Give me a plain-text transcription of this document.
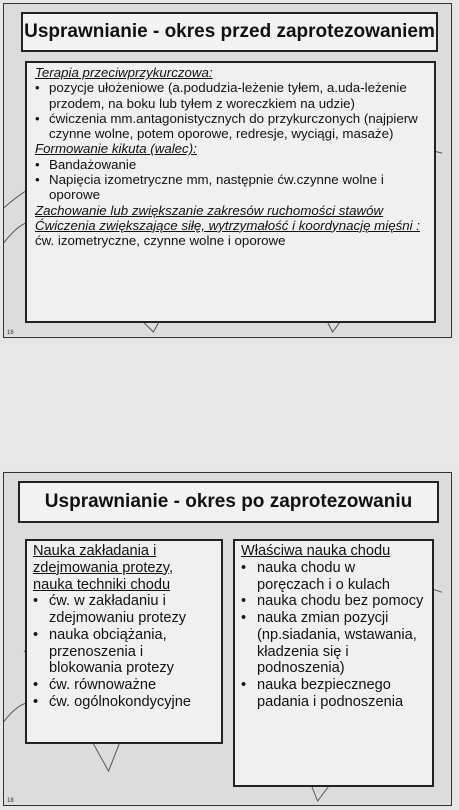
Usprawnianie - okres przed zaprotezowaniem
Terapia przeciwprzykurczowa:
• pozycje ułożeniowe (a.podudzia-leżenie tyłem, a.uda-leżenie przodem, na boku lub tyłem z woreczkiem na udzie)
• ćwiczenia mm.antagonistycznych do przykurczonych (najpierw czynne wolne, potem oporowe, redresje, wyciągi, masaże)
Formowanie kikuta (walec):
• Bandażowanie
• Napięcia izometryczne mm, następnie ćw.czynne wolne i oporowe
Zachowanie lub zwiększanie zakresów ruchomości stawów
Ćwiczenia zwiększające siłę, wytrzymałość i koordynację mięśni : ćw. izometryczne, czynne wolne i oporowe
16
Usprawnianie - okres po zaprotezowaniu
Nauka zakładania i zdejmowania protezy, nauka techniki chodu
• ćw. w zakładaniu i zdejmowaniu protezy
• nauka obciążania, przenoszenia i blokowania protezy
• ćw. równoważne
• ćw. ogólnokondycyjne
Właściwa nauka chodu
• nauka chodu w poręczach i o kulach
• nauka chodu bez pomocy
• nauka zmian pozycji (np.siadania, wstawania, kładzenia się i podnoszenia)
• nauka bezpiecznego padania i podnoszenia
18
